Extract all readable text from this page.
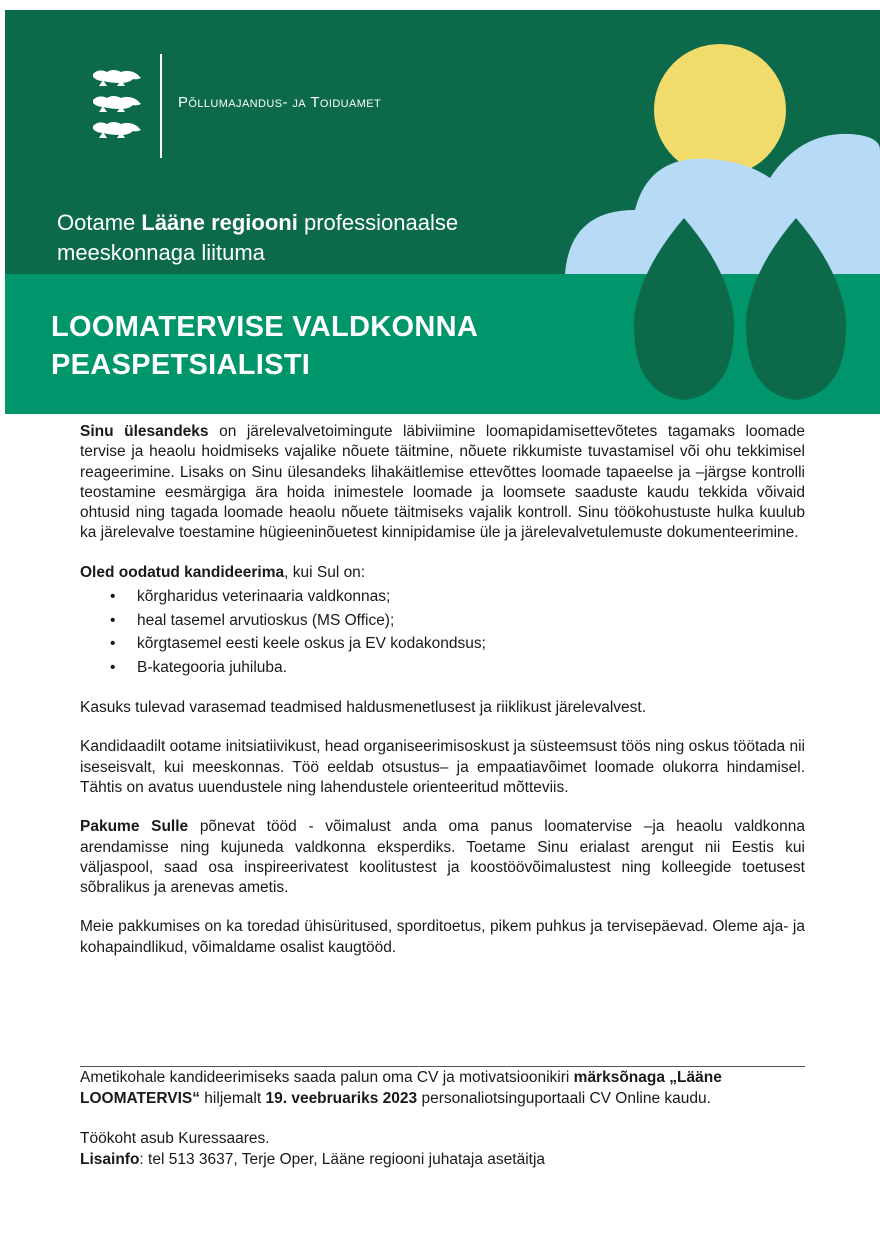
Põllumajandus- ja Toiduamet
Ootame Lääne regiooni professionaalse meeskonnaga liituma
LOOMATERVISE VALDKONNA
PEASPETSIALISTI

Sinu ülesandeks on järelevalvetoimingute läbiviimine loomapidamisettevõtetes tagamaks loomade tervise ja heaolu hoidmiseks vajalike nõuete täitmine, nõuete rikkumiste tuvastamisel või ohu tekkimisel reageerimine. Lisaks on Sinu ülesandeks lihakäitlemise ettevõttes loomade tapaeelse ja –järgse kontrolli teostamine eesmärgiga ära hoida inimestele loomade ja loomsete saaduste kaudu tekkida võivaid ohtusid ning tagada loomade heaolu nõuete täitmiseks vajalik kontroll. Sinu töökohustuste hulka kuulub ka järelevalve toestamine hügieeninõuetest kinnipidamise üle ja järelevalvetulemuste dokumenteerimine.

Oled oodatud kandideerima, kui Sul on:

• kõrgharidus veterinaaria valdkonnas;
• heal tasemel arvutioskus (MS Office);
• kõrgtasemel eesti keele oskus ja EV kodakondsus;
• B-kategooria juhiluba.

Kasuks tulevad varasemad teadmised haldusmenetlusest ja riiklikust järelevalvest.

Kandidaadilt ootame initsiatiivikust, head organiseerimisoskust ja süsteemsust töös ning oskus töötada nii iseseisvalt, kui meeskonnas. Töö eeldab otsustus– ja empaatiavõimet loomade olukorra hindamisel. Tähtis on avatus uuendustele ning lahendustele orienteeritud mõtteviis.

Pakume Sulle põnevat tööd - võimalust anda oma panus loomatervise –ja heaolu valdkonna arendamisse ning kujuneda valdkonna eksperdiks. Toetame Sinu erialast arengut nii Eestis kui väljaspool, saad osa inspireerivatest koolitustest ja koostöövõimalustest ning kolleegide toetusest sõbralikus ja arenevas ametis.

Meie pakkumises on ka toredad ühisüritused, sporditoetus, pikem puhkus ja tervisepäevad. Oleme aja- ja kohapaindlikud, võimaldame osalist kaugtööd.

Ametikohale kandideerimiseks saada palun oma CV ja motivatsioonikiri märksõnaga „Lääne LOOMATERVIS“ hiljemalt 19. veebruariks 2023 personaliotsinguportaali CV Online kaudu.

Töökoht asub Kuressaares.

Lisainfo: tel 513 3637, Terje Oper, Lääne regiooni juhataja asetäitja
